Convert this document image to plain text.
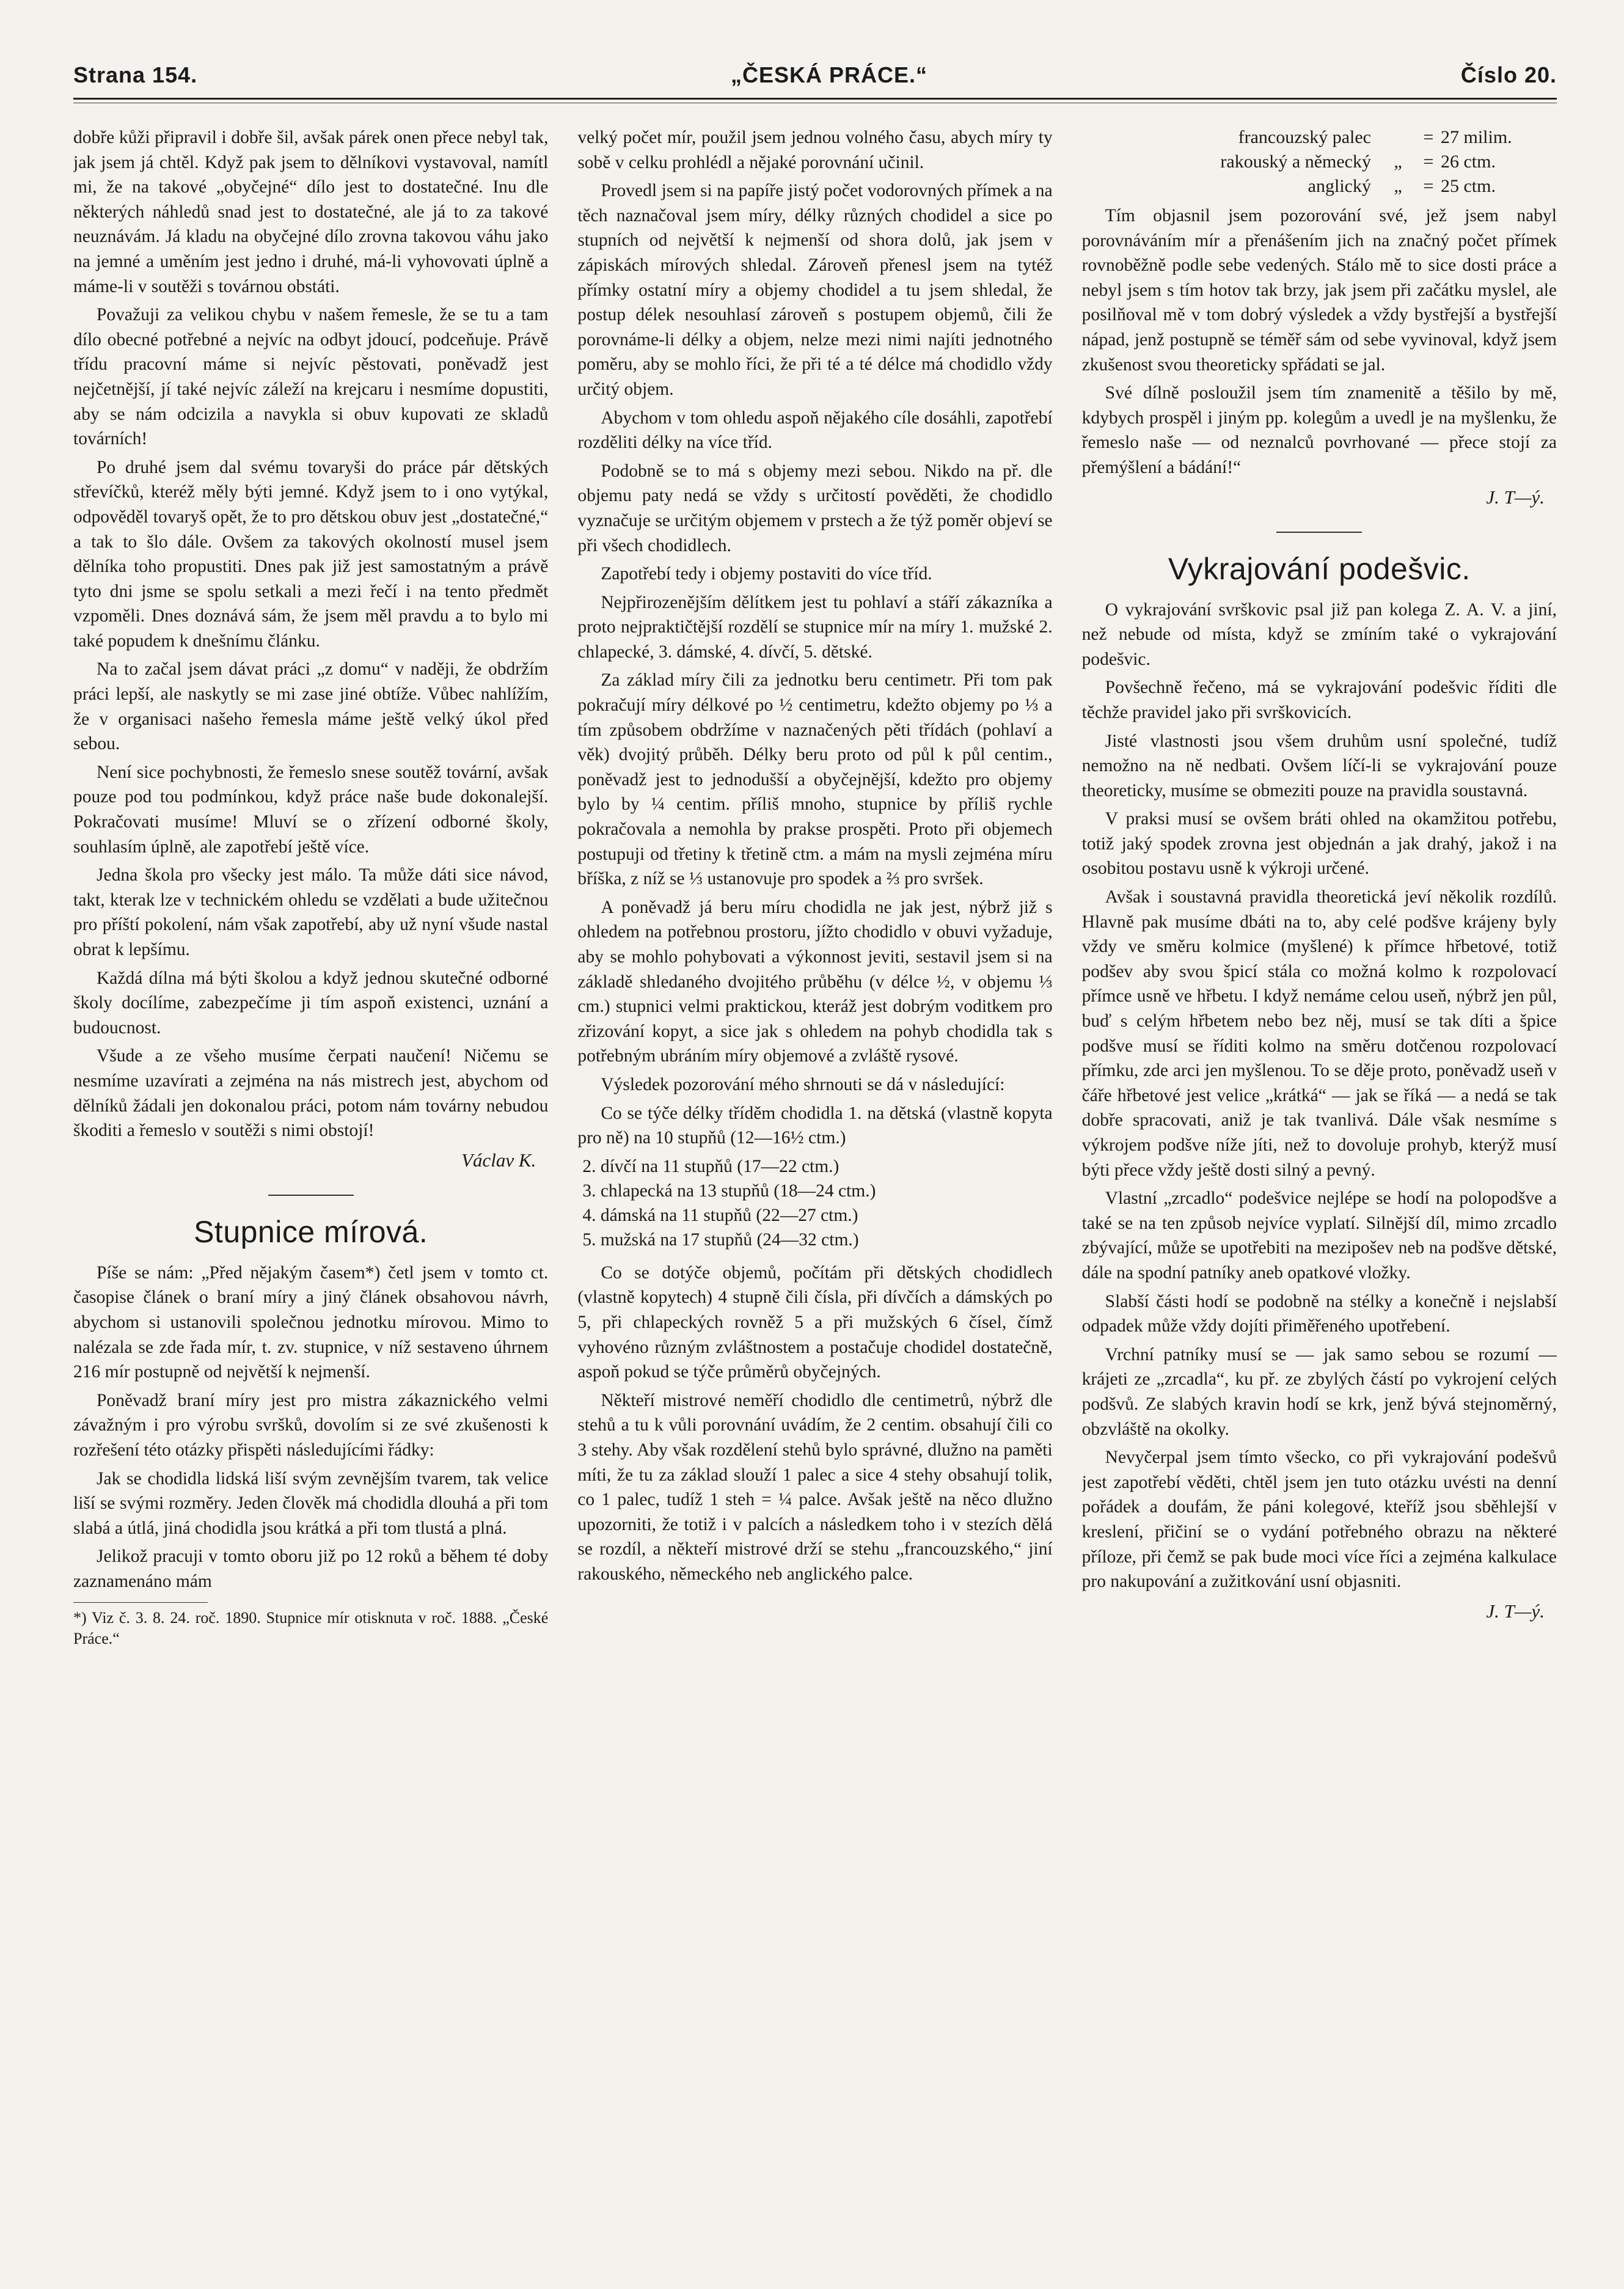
Strana 154.	„ČESKÁ PRÁCE.“	Číslo 20.

dobře kůži připravil i dobře šil, avšak párek onen přece nebyl tak, jak jsem já chtěl. Když pak jsem to dělníkovi vystavoval, namítl mi, že na takové „obyčejné“ dílo jest to dostatečné. Inu dle některých náhledů snad jest to dostatečné, ale já to za takové neuznávám. Já kladu na obyčejné dílo zrovna takovou váhu jako na jemné a uměním jest jedno i druhé, má-li vyhovovati úplně a máme-li v soutěži s továrnou obstáti.

Považuji za velikou chybu v našem řemesle, že se tu a tam dílo obecné potřebné a nejvíc na odbyt jdoucí, podceňuje. Právě třídu pracovní máme si nejvíc pěstovati, poněvadž jest nejčetnější, jí také nejvíc záleží na krejcaru i nesmíme dopustiti, aby se nám odcizila a navykla si obuv kupovati ze skladů továrních!

Po druhé jsem dal svému tovaryši do práce pár dětských střevíčků, kteréž měly býti jemné. Když jsem to i ono vytýkal, odpověděl tovaryš opět, že to pro dětskou obuv jest „dostatečné,“ a tak to šlo dále. Ovšem za takových okolností musel jsem dělníka toho propustiti. Dnes pak již jest samostatným a právě tyto dni jsme se spolu setkali a mezi řečí i na tento předmět vzpoměli. Dnes doznává sám, že jsem měl pravdu a to bylo mi také popudem k dnešnímu článku.

Na to začal jsem dávat práci „z domu“ v naději, že obdržím práci lepší, ale naskytly se mi zase jiné obtíže. Vůbec nahlížím, že v organisaci našeho řemesla máme ještě velký úkol před sebou.

Není sice pochybnosti, že řemeslo snese soutěž tovární, avšak pouze pod tou podmínkou, když práce naše bude dokonalejší. Pokračovati musíme! Mluví se o zřízení odborné školy, souhlasím úplně, ale zapotřebí ještě více.

Jedna škola pro všecky jest málo. Ta může dáti sice návod, takt, kterak lze v technickém ohledu se vzdělati a bude užitečnou pro příští pokolení, nám však zapotřebí, aby už nyní všude nastal obrat k lepšímu.

Každá dílna má býti školou a když jednou skutečné odborné školy docílíme, zabezpečíme ji tím aspoň existenci, uznání a budoucnost.

Všude a ze všeho musíme čerpati naučení! Ničemu se nesmíme uzavírati a zejména na nás mistrech jest, abychom od dělníků žádali jen dokonalou práci, potom nám továrny nebudou škoditi a řemeslo v soutěži s nimi obstojí!

Václav K.
Stupnice mírová.

Píše se nám: „Před nějakým časem*) četl jsem v tomto ct. časopise článek o braní míry a jiný článek obsahovou návrh, abychom si ustanovili společnou jednotku mírovou. Mimo to nalézala se zde řada mír, t. zv. stupnice, v níž sestaveno úhrnem 216 mír postupně od největší k nejmenší.

Poněvadž braní míry jest pro mistra zákaznického velmi závažným i pro výrobu svršků, dovolím si ze své zkušenosti k rozřešení této otázky přispěti následujícími řádky:

Jak se chodidla lidská liší svým zevnějším tvarem, tak velice liší se svými rozměry. Jeden člověk má chodidla dlouhá a při tom slabá a útlá, jiná chodidla jsou krátká a při tom tlustá a plná.

Jelikož pracuji v tomto oboru již po 12 roků a během té doby zaznamenáno mám

*) Viz č. 3. 8. 24. roč. 1890. Stupnice mír otisknuta v roč. 1888. „České Práce.“

velký počet mír, použil jsem jednou volného času, abych míry ty sobě v celku prohlédl a nějaké porovnání učinil.

Provedl jsem si na papíře jistý počet vodorovných přímek a na těch naznačoval jsem míry, délky různých chodidel a sice po stupních od největší k nejmenší od shora dolů, jak jsem v zápiskách mírových shledal. Zároveň přenesl jsem na tytéž přímky ostatní míry a objemy chodidel a tu jsem shledal, že postup délek nesouhlasí zároveň s postupem objemů, čili že porovnáme-li délky a objem, nelze mezi nimi najíti jednotného poměru, aby se mohlo říci, že při té a té délce má chodidlo vždy určitý objem.

Abychom v tom ohledu aspoň nějakého cíle dosáhli, zapotřebí rozděliti délky na více tříd.

Podobně se to má s objemy mezi sebou. Nikdo na př. dle objemu paty nedá se vždy s určitostí pověděti, že chodidlo vyznačuje se určitým objemem v prstech a že týž poměr objeví se při všech chodidlech.

Zapotřebí tedy i objemy postaviti do více tříd.

Nejpřirozenějším dělítkem jest tu pohlaví a stáří zákazníka a proto nejpraktičtější rozdělí se stupnice mír na míry 1. mužské 2. chlapecké, 3. dámské, 4. dívčí, 5. dětské.

Za základ míry čili za jednotku beru centimetr. Při tom pak pokračují míry délkové po ½ centimetru, kdežto objemy po ⅓ a tím způsobem obdržíme v naznačených pěti třídách (pohlaví a věk) dvojitý průběh. Délky beru proto od půl k půl centim., poněvadž jest to jednodušší a obyčejnější, kdežto pro objemy bylo by ¼ centim. příliš mnoho, stupnice by příliš rychle pokračovala a nemohla by prakse prospěti. Proto při objemech postupuji od třetiny k třetině ctm. a mám na mysli zejména míru bříška, z níž se ⅓ ustanovuje pro spodek a ⅔ pro svršek.

A poněvadž já beru míru chodidla ne jak jest, nýbrž již s ohledem na potřebnou prostoru, jížto chodidlo v obuvi vyžaduje, aby se mohlo pohybovati a výkonnost jeviti, sestavil jsem si na základě shledaného dvojitého průběhu (v délce ½, v objemu ⅓ cm.) stupnici velmi praktickou, kteráž jest dobrým voditkem pro zřizování kopyt, a sice jak s ohledem na pohyb chodidla tak s potřebným ubráním míry objemové a zvláště rysové.

Výsledek pozorování mého shrnouti se dá v následující:

Co se týče délky tříděm chodidla 1. na dětská (vlastně kopyta pro ně) na 10 stupňů (12—16½ ctm.)

2. dívčí na 11 stupňů (17—22 ctm.)
3. chlapecká na 13 stupňů (18—24 ctm.)
4. dámská na 11 stupňů (22—27 ctm.)
5. mužská na 17 stupňů (24—32 ctm.)

Co se dotýče objemů, počítám při dětských chodidlech (vlastně kopytech) 4 stupně čili čísla, při dívčích a dámských po 5, při chlapeckých rovněž 5 a při mužských 6 čísel, čímž vyhovéno různým zvláštnostem a postačuje chodidel dostatečně, aspoň pokud se týče průměrů obyčejných.

Někteří mistrové neměří chodidlo dle centimetrů, nýbrž dle stehů a tu k vůli porovnání uvádím, že 2 centim. obsahují čili co 3 stehy. Aby však rozdělení stehů bylo správné, dlužno na paměti míti, že tu za základ slouží 1 palec a sice 4 stehy obsahují tolik, co 1 palec, tudíž 1 steh = ¼ palce. Avšak ještě na něco dlužno upozorniti, že totiž i v palcích a následkem toho i v stezích dělá se rozdíl, a někteří mistrové drží se stehu „francouzského,“ jiní rakouského, německého neb anglického palce.

francouzský palec	= 27 milim.
rakouský a německý	„	= 26 ctm.
anglický	„	= 25 ctm.

Tím objasnil jsem pozorování své, jež jsem nabyl porovnáváním mír a přenášením jich na značný počet přímek rovnoběžně podle sebe vedených. Stálo mě to sice dosti práce a nebyl jsem s tím hotov tak brzy, jak jsem při začátku myslel, ale posilňoval mě v tom dobrý výsledek a vždy bystřejší a bystřejší nápad, jenž postupně se téměř sám od sebe vyvinoval, když jsem zkušenost svou theoreticky spřádati se jal.

Své dílně posloužil jsem tím znamenitě a těšilo by mě, kdybych prospěl i jiným pp. kolegům a uvedl je na myšlenku, že řemeslo naše — od neznalců povrhované — přece stojí za přemýšlení a bádání!“

J. T—ý.
Vykrajování podešvic.

O vykrajování svrškovic psal již pan kolega Z. A. V. a jiní, než nebude od místa, když se zmíním také o vykrajování podešvic.

Povšechně řečeno, má se vykrajování podešvic říditi dle těchže pravidel jako při svrškovicích.

Jisté vlastnosti jsou všem druhům usní společné, tudíž nemožno na ně nedbati. Ovšem líčí-li se vykrajování pouze theoreticky, musíme se obmeziti pouze na pravidla soustavná.

V praksi musí se ovšem bráti ohled na okamžitou potřebu, totiž jaký spodek zrovna jest objednán a jak drahý, jakož i na osobitou postavu usně k výkroji určené.

Avšak i soustavná pravidla theoretická jeví několik rozdílů. Hlavně pak musíme dbáti na to, aby celé podšve krájeny byly vždy ve směru kolmice (myšlené) k přímce hřbetové, totiž podšev aby svou špicí stála co možná kolmo k rozpolovací přímce usně ve hřbetu. I když nemáme celou useň, nýbrž jen půl, buď s celým hřbetem nebo bez něj, musí se tak díti a špice podšve musí se říditi kolmo na směru dotčenou rozpolovací přímku, zde arci jen myšlenou. To se děje proto, poněvadž useň v čáře hřbetové jest velice „krátká“ — jak se říká — a nedá se tak dobře spracovati, aniž je tak tvanlivá. Dále však nesmíme s výkrojem podšve níže jíti, než to dovoluje prohyb, kterýž musí býti přece vždy ještě dosti silný a pevný.

Vlastní „zrcadlo“ podešvice nejlépe se hodí na polopodšve a také se na ten způsob nejvíce vyplatí. Silnější díl, mimo zrcadlo zbývající, může se upotřebiti na mezipošev neb na podšve dětské, dále na spodní patníky aneb opatkové vložky.

Slabší části hodí se podobně na stélky a konečně i nejslabší odpadek může vždy dojíti přiměřeného upotřebení.

Vrchní patníky musí se — jak samo sebou se rozumí — krájeti ze „zrcadla“, ku př. ze zbylých částí po vykrojení celých podšvů. Ze slabých kravin hodí se krk, jenž bývá stejnoměrný, obzvláště na okolky.

Nevyčerpal jsem tímto všecko, co při vykrajování podešvů jest zapotřebí věděti, chtěl jsem jen tuto otázku uvésti na denní pořádek a doufám, že páni kolegové, kteříž jsou sběhlejší v kreslení, přičiní se o vydání potřebného obrazu na některé příloze, při čemž se pak bude moci více říci a zejména kalkulace pro nakupování a zužitkování usní objasniti.

J. T—ý.
